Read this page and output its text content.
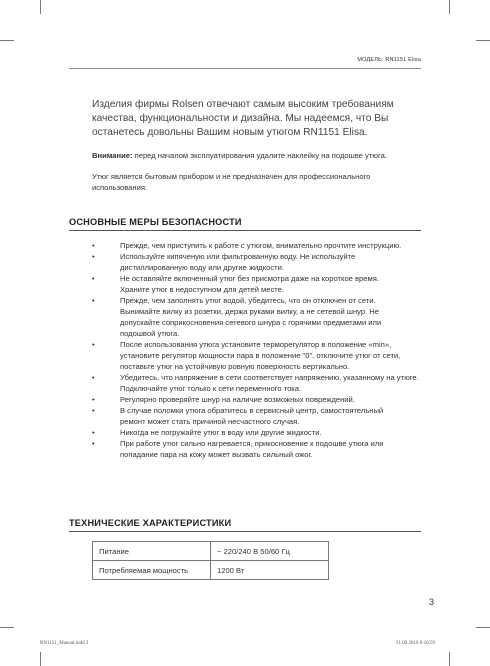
МОДЕЛЬ: RN1151 Elisa
Изделия фирмы Rolsen отвечают самым высоким требованиям качества, функциональности и дизайна. Мы надеемся, что Вы останетесь довольны Вашим новым утюгом RN1151 Elisa.
Внимание: перед началом эксплуатирования удалите наклейку на подошве утюга.
Утюг является бытовым прибором и не предназначен для профессионального использования.
ОСНОВНЫЕ МЕРЫ БЕЗОПАСНОСТИ
•	Прежде, чем приступить к работе с утюгом, внимательно прочтите инструкцию.
•	Используйте кипяченую или фильтрованную воду. Не используйте дистиллированную воду или другие жидкости.
•	Не оставляйте включенный утюг без присмотра даже на короткое время. Храните утюг в недоступном для детей месте.
•	Прежде, чем заполнять утюг водой, убедитесь, что он отключен от сети. Вынимайте вилку из розетки, держа руками вилку, а не сетевой шнур. Не допускайте соприкосновения сетевого шнура с горячими предметами или подошвой утюга.
•	После использования утюга установите терморегулятор в положение «min», установите регулятор мощности пара в положение "0", отключите утюг от сети, поставьте утюг на устойчивую ровную поверхность вертикально.
•	Убедитесь, что напряжение в сети соответствует напряжению, указанному на утюге. Подключайте утюг только к сети переменного тока.
•	Регулярно проверяйте шнур на наличие возможных повреждений.
•	В случае поломки утюга обратитесь в сервисный центр, самостоятельный ремонт может стать причиной несчастного случая.
•	Никогда не погружайте утюг в воду или другие жидкости.
•	При работе утюг сильно нагревается, прикосновение к подошве утюга или попадание пара на кожу может вызвать сильный ожог.
ТЕХНИЧЕСКИЕ ХАРАКТЕРИСТИКИ
Питание	~ 220/240 В 50/60 Гц
Потребляемая мощность	1200 Вт
3
RN1151_Manual.indd 3	21.09.2010 0:10:59
